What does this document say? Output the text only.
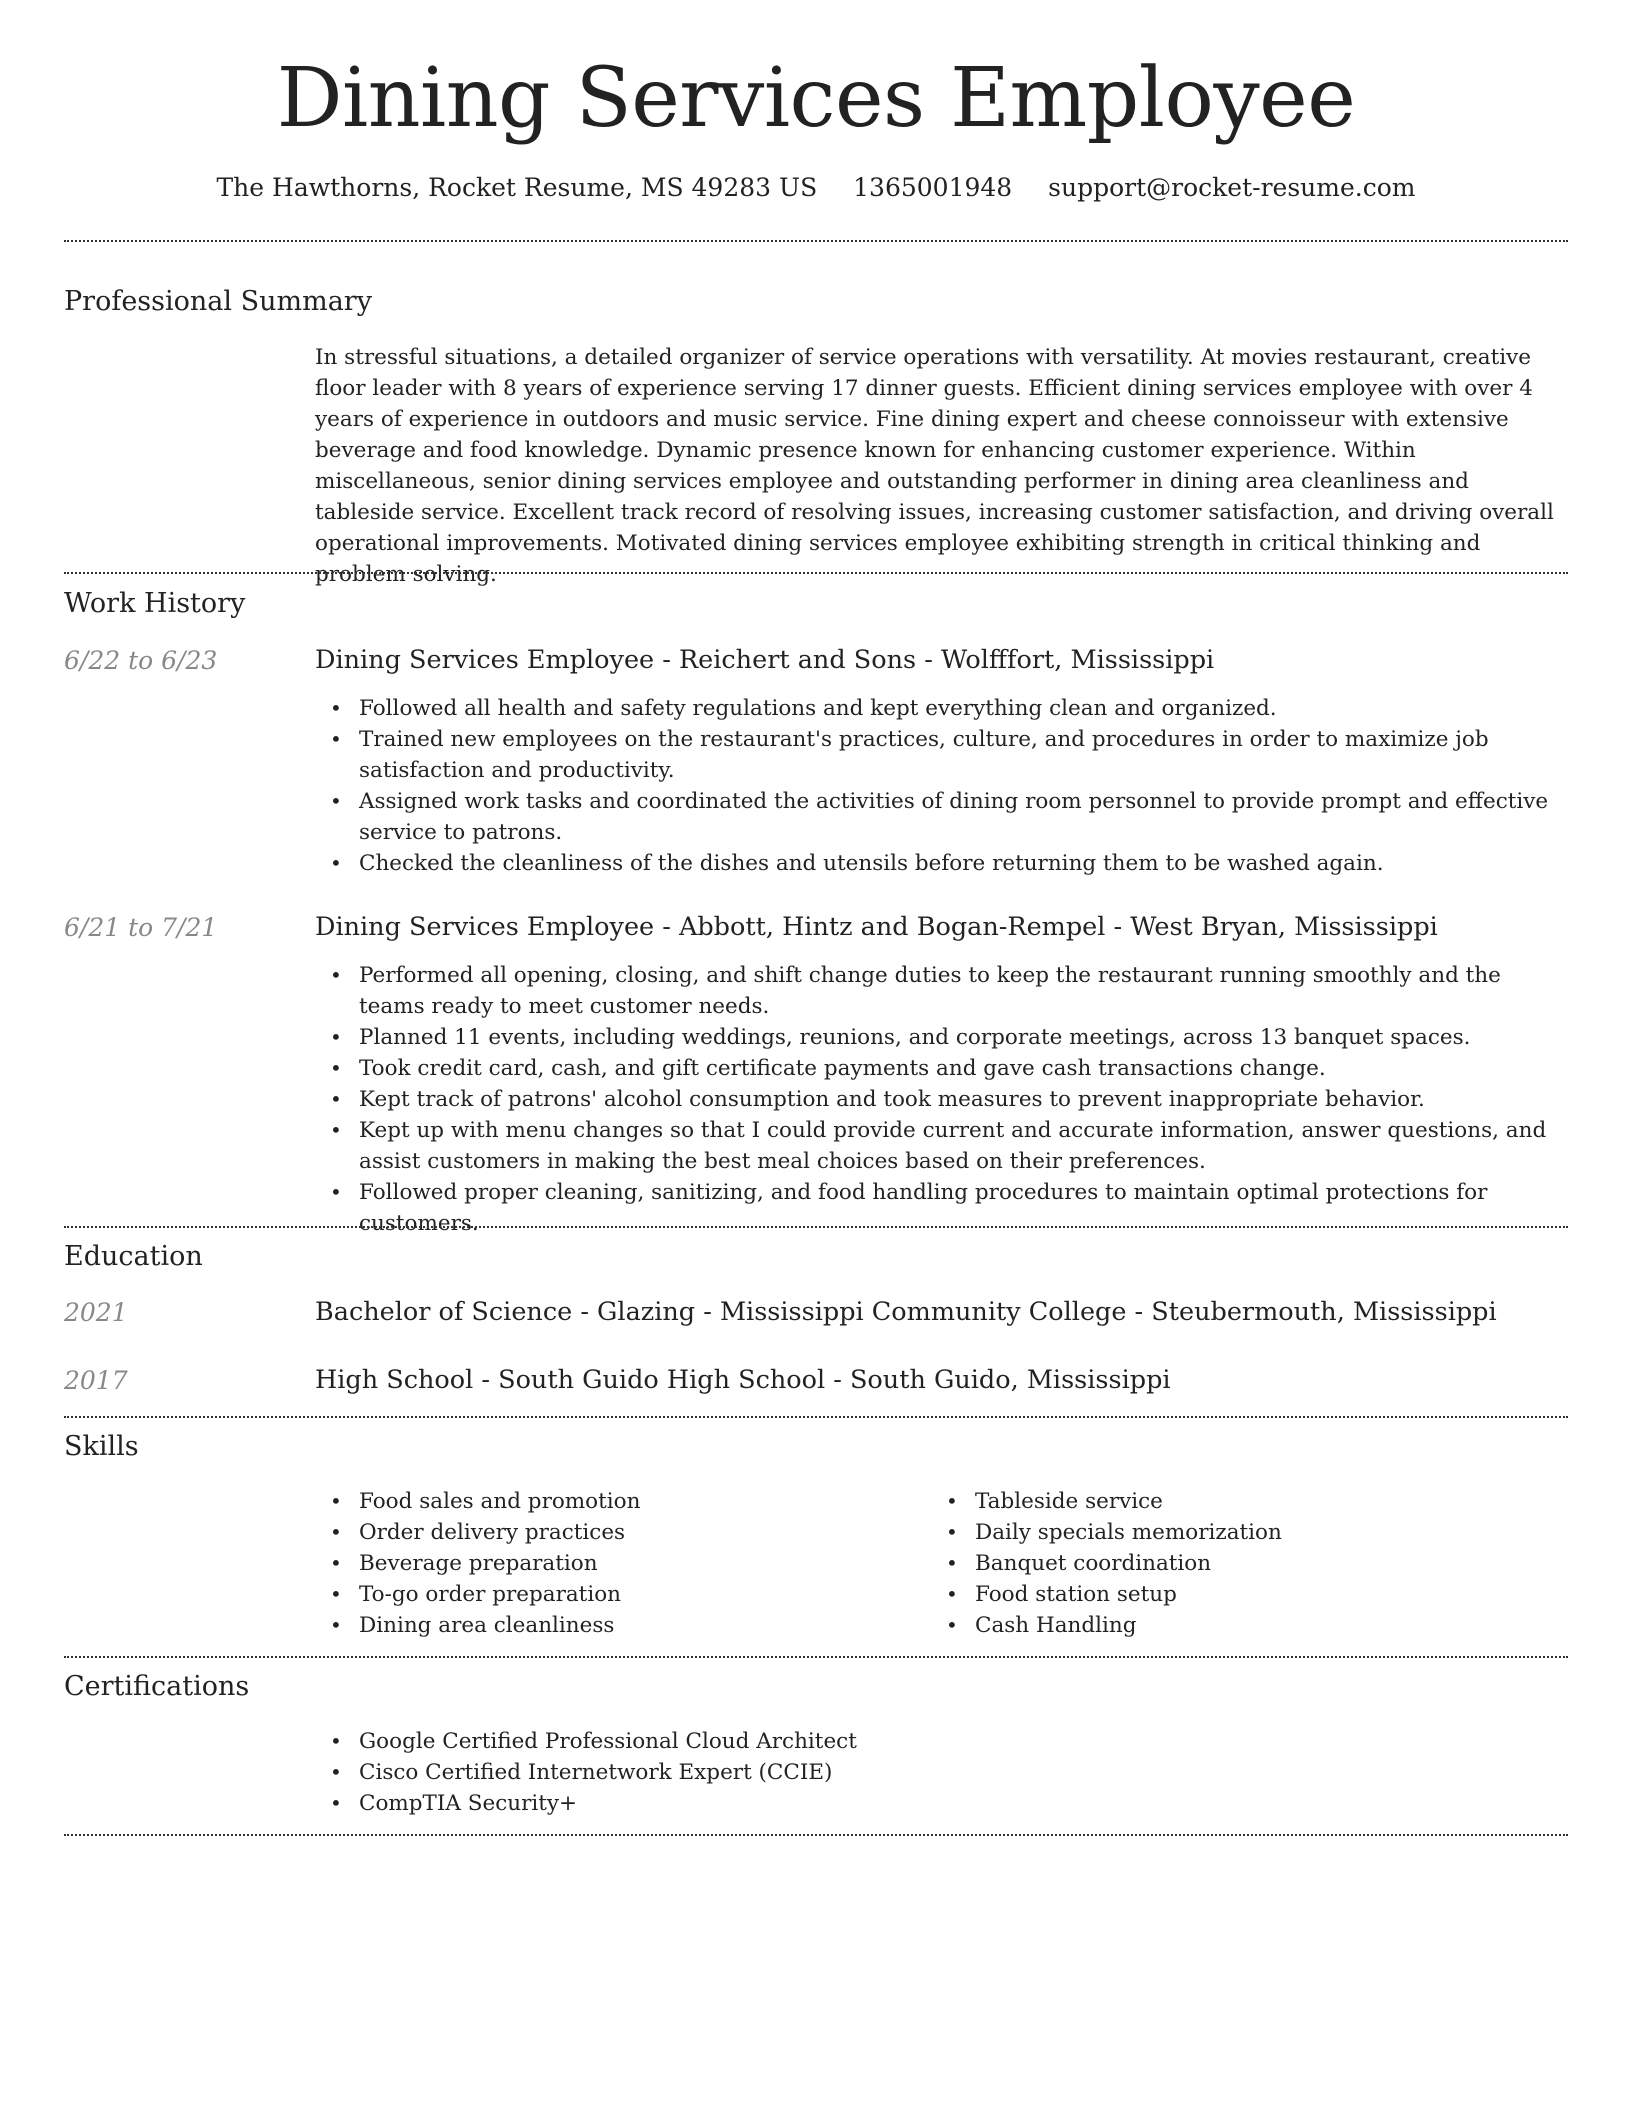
Dining Services Employee
The Hawthorns, Rocket Resume, MS 49283 US 1365001948 support@rocket-resume.com
Professional Summary
In stressful situations, a detailed organizer of service operations with versatility. At movies restaurant, creative floor leader with 8 years of experience serving 17 dinner guests. Efficient dining services employee with over 4 years of experience in outdoors and music service. Fine dining expert and cheese connoisseur with extensive beverage and food knowledge. Dynamic presence known for enhancing customer experience. Within miscellaneous, senior dining services employee and outstanding performer in dining area cleanliness and tableside service. Excellent track record of resolving issues, increasing customer satisfaction, and driving overall operational improvements. Motivated dining services employee exhibiting strength in critical thinking and problem solving.
Work History
6/22 to 6/23	Dining Services Employee - Reichert and Sons - Wolfffort, Mississippi
• Followed all health and safety regulations and kept everything clean and organized.
• Trained new employees on the restaurant's practices, culture, and procedures in order to maximize job satisfaction and productivity.
• Assigned work tasks and coordinated the activities of dining room personnel to provide prompt and effective service to patrons.
• Checked the cleanliness of the dishes and utensils before returning them to be washed again.
6/21 to 7/21	Dining Services Employee - Abbott, Hintz and Bogan-Rempel - West Bryan, Mississippi
• Performed all opening, closing, and shift change duties to keep the restaurant running smoothly and the teams ready to meet customer needs.
• Planned 11 events, including weddings, reunions, and corporate meetings, across 13 banquet spaces.
• Took credit card, cash, and gift certificate payments and gave cash transactions change.
• Kept track of patrons' alcohol consumption and took measures to prevent inappropriate behavior.
• Kept up with menu changes so that I could provide current and accurate information, answer questions, and assist customers in making the best meal choices based on their preferences.
• Followed proper cleaning, sanitizing, and food handling procedures to maintain optimal protections for customers.
Education
2021	Bachelor of Science - Glazing - Mississippi Community College - Steubermouth, Mississippi
2017	High School - South Guido High School - South Guido, Mississippi
Skills
• Food sales and promotion
• Order delivery practices
• Beverage preparation
• To-go order preparation
• Dining area cleanliness
• Tableside service
• Daily specials memorization
• Banquet coordination
• Food station setup
• Cash Handling
Certifications
• Google Certified Professional Cloud Architect
• Cisco Certified Internetwork Expert (CCIE)
• CompTIA Security+
